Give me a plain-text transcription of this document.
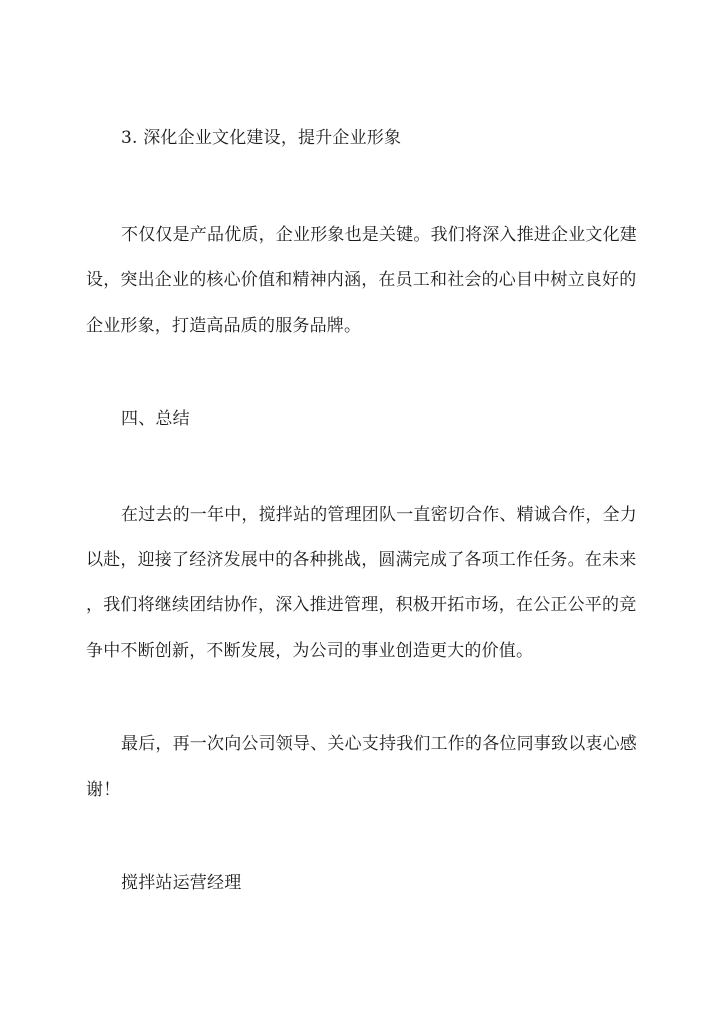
3. 深化企业文化建设，提升企业形象

不仅仅是产品优质，企业形象也是关键。我们将深入推进企业文化建

设，突出企业的核心价值和精神内涵，在员工和社会的心目中树立良好的

企业形象，打造高品质的服务品牌。

四、总结

在过去的一年中，搅拌站的管理团队一直密切合作、精诚合作，全力

以赴，迎接了经济发展中的各种挑战，圆满完成了各项工作任务。在未来

，我们将继续团结协作，深入推进管理，积极开拓市场，在公正公平的竞

争中不断创新，不断发展，为公司的事业创造更大的价值。

最后，再一次向公司领导、关心支持我们工作的各位同事致以衷心感

谢！

搅拌站运营经理
